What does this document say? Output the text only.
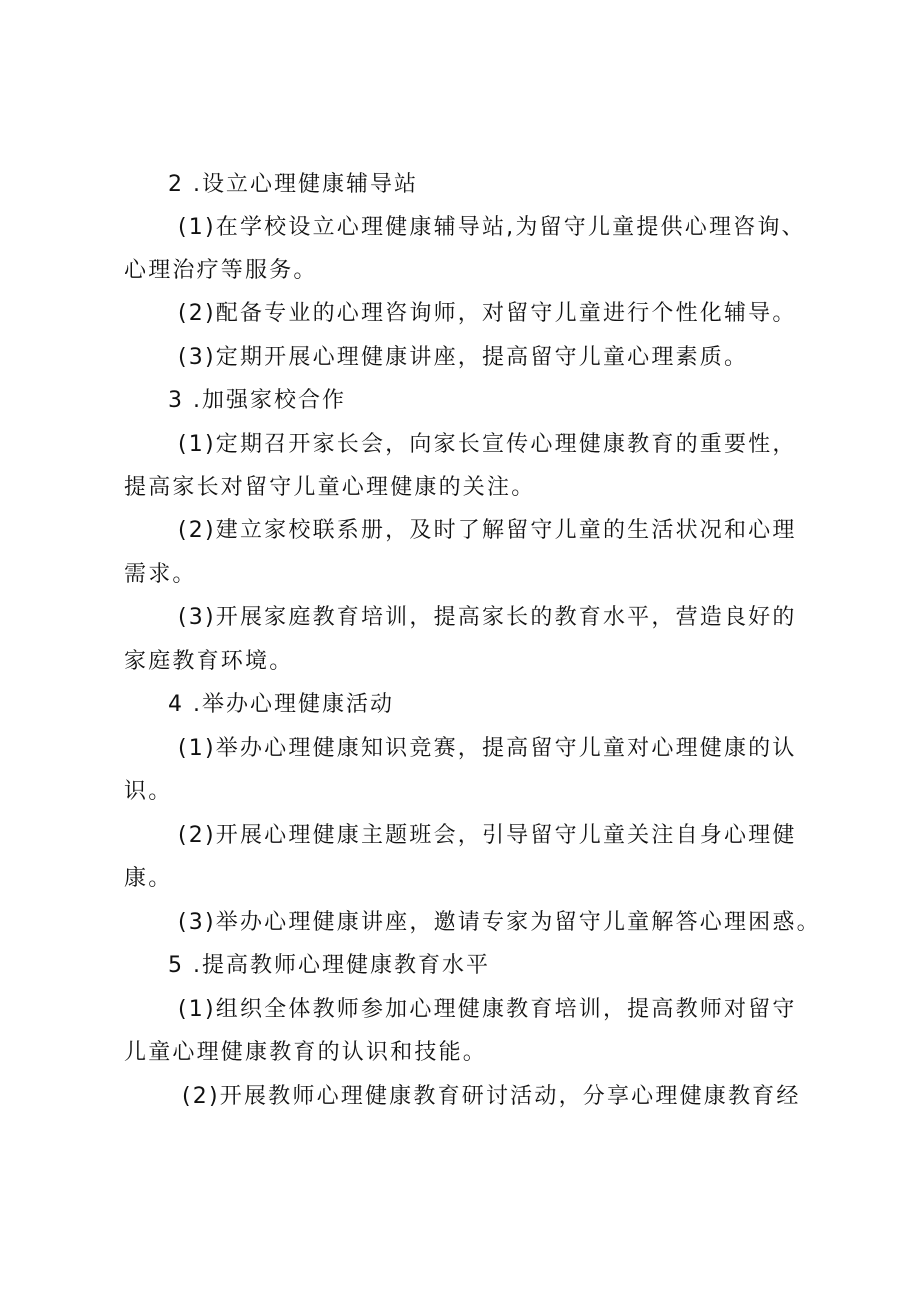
2 .设立心理健康辅导站
(1)在学校设立心理健康辅导站,为留守儿童提供心理咨询、
心理治疗等服务。
(2)配备专业的心理咨询师，对留守儿童进行个性化辅导。
(3)定期开展心理健康讲座，提高留守儿童心理素质。
3 .加强家校合作
(1)定期召开家长会，向家长宣传心理健康教育的重要性，
提高家长对留守儿童心理健康的关注。
(2)建立家校联系册，及时了解留守儿童的生活状况和心理
需求。
(3)开展家庭教育培训，提高家长的教育水平，营造良好的
家庭教育环境。
4 .举办心理健康活动
(1)举办心理健康知识竞赛，提高留守儿童对心理健康的认
识。
(2)开展心理健康主题班会，引导留守儿童关注自身心理健
康。
(3)举办心理健康讲座，邀请专家为留守儿童解答心理困惑。
5 .提高教师心理健康教育水平
(1)组织全体教师参加心理健康教育培训，提高教师对留守
儿童心理健康教育的认识和技能。
(2)开展教师心理健康教育研讨活动，分享心理健康教育经
